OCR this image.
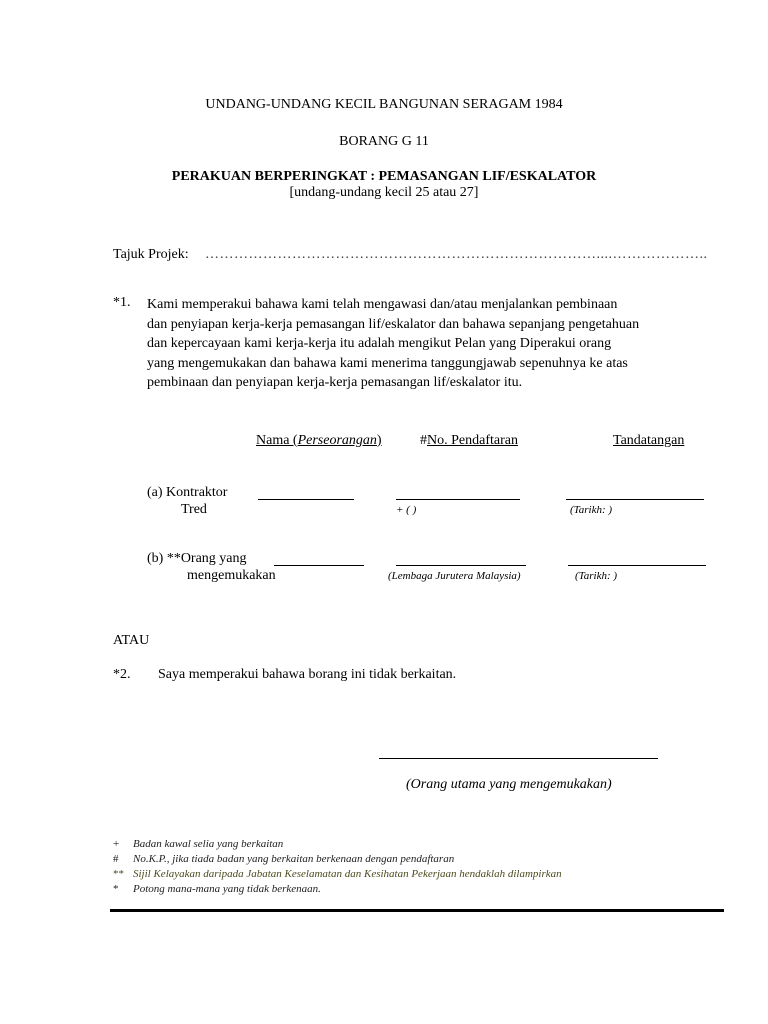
UNDANG-UNDANG KECIL BANGUNAN SERAGAM 1984
BORANG G 11
PERAKUAN BERPERINGKAT : PEMASANGAN LIF/ESKALATOR
[undang-undang kecil 25 atau 27]
Tajuk Projek: ………………………………………………………………………....………………..
*1. Kami memperakui bahawa kami telah mengawasi dan/atau menjalankan pembinaan
dan penyiapan kerja-kerja pemasangan lif/eskalator dan bahawa sepanjang pengetahuan
dan kepercayaan kami kerja-kerja itu adalah mengikut Pelan yang Diperakui orang
yang mengemukakan dan bahawa kami menerima tanggungjawab sepenuhnya ke atas
pembinaan dan penyiapan kerja-kerja pemasangan lif/eskalator itu.
Nama (Perseorangan)	#No. Pendaftaran	Tandatangan
(a) Kontraktor
Tred	+ ( )	(Tarikh: )
(b) **Orang yang
mengemukakan	(Lembaga Jurutera Malaysia)	(Tarikh: )
ATAU
*2. Saya memperakui bahawa borang ini tidak berkaitan.
(Orang utama yang mengemukakan)
+ Badan kawal selia yang berkaitan
# No.K.P., jika tiada badan yang berkaitan berkenaan dengan pendaftaran
** Sijil Kelayakan daripada Jabatan Keselamatan dan Kesihatan Pekerjaan hendaklah dilampirkan
* Potong mana-mana yang tidak berkenaan.
